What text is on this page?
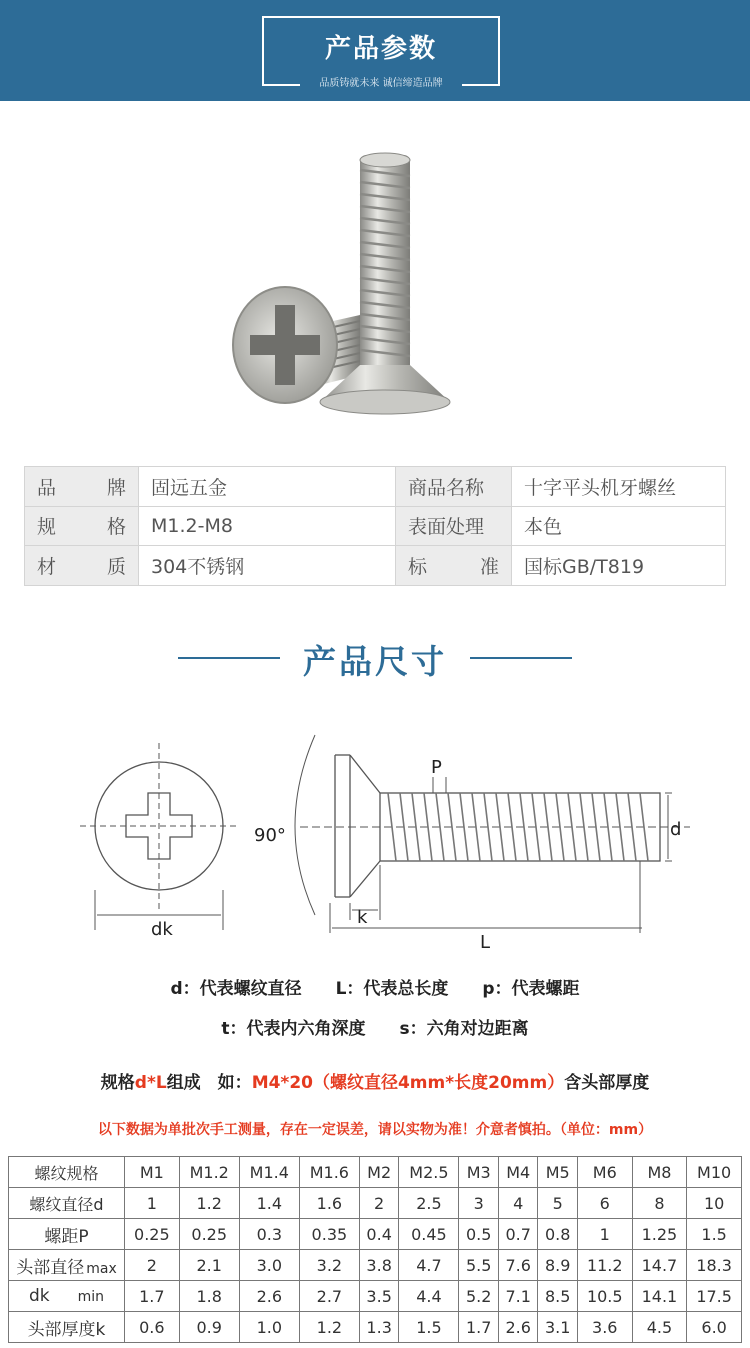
产品参数
品质铸就未来 诚信缔造品牌
品牌	固远五金	商品名称	十字平头机牙螺丝
规格	M1.2-M8	表面处理	本色
材质	304不锈钢	标准	国标GB/T819
产品尺寸
dk
90°
P
d
k
L
d：代表螺纹直径 L：代表总长度 p：代表螺距
t：代表内六角深度 s：六角对边距离
规格d*L组成　如：M4*20（螺纹直径4mm*长度20mm）含头部厚度
以下数据为单批次手工测量，存在一定误差，请以实物为准！介意者慎拍。（单位：mm）
螺纹规格	M1	M1.2	M1.4	M1.6	M2	M2.5	M3	M4	M5	M6	M8	M10
螺纹直径d	1	1.2	1.4	1.6	2	2.5	3	4	5	6	8	10
螺距P	0.25	0.25	0.3	0.35	0.4	0.45	0.5	0.7	0.8	1	1.25	1.5
头部直径 max	2	2.1	3.0	3.2	3.8	4.7	5.5	7.6	8.9	11.2	14.7	18.3
dk min	1.7	1.8	2.6	2.7	3.5	4.4	5.2	7.1	8.5	10.5	14.1	17.5
头部厚度k	0.6	0.9	1.0	1.2	1.3	1.5	1.7	2.6	3.1	3.6	4.5	6.0
